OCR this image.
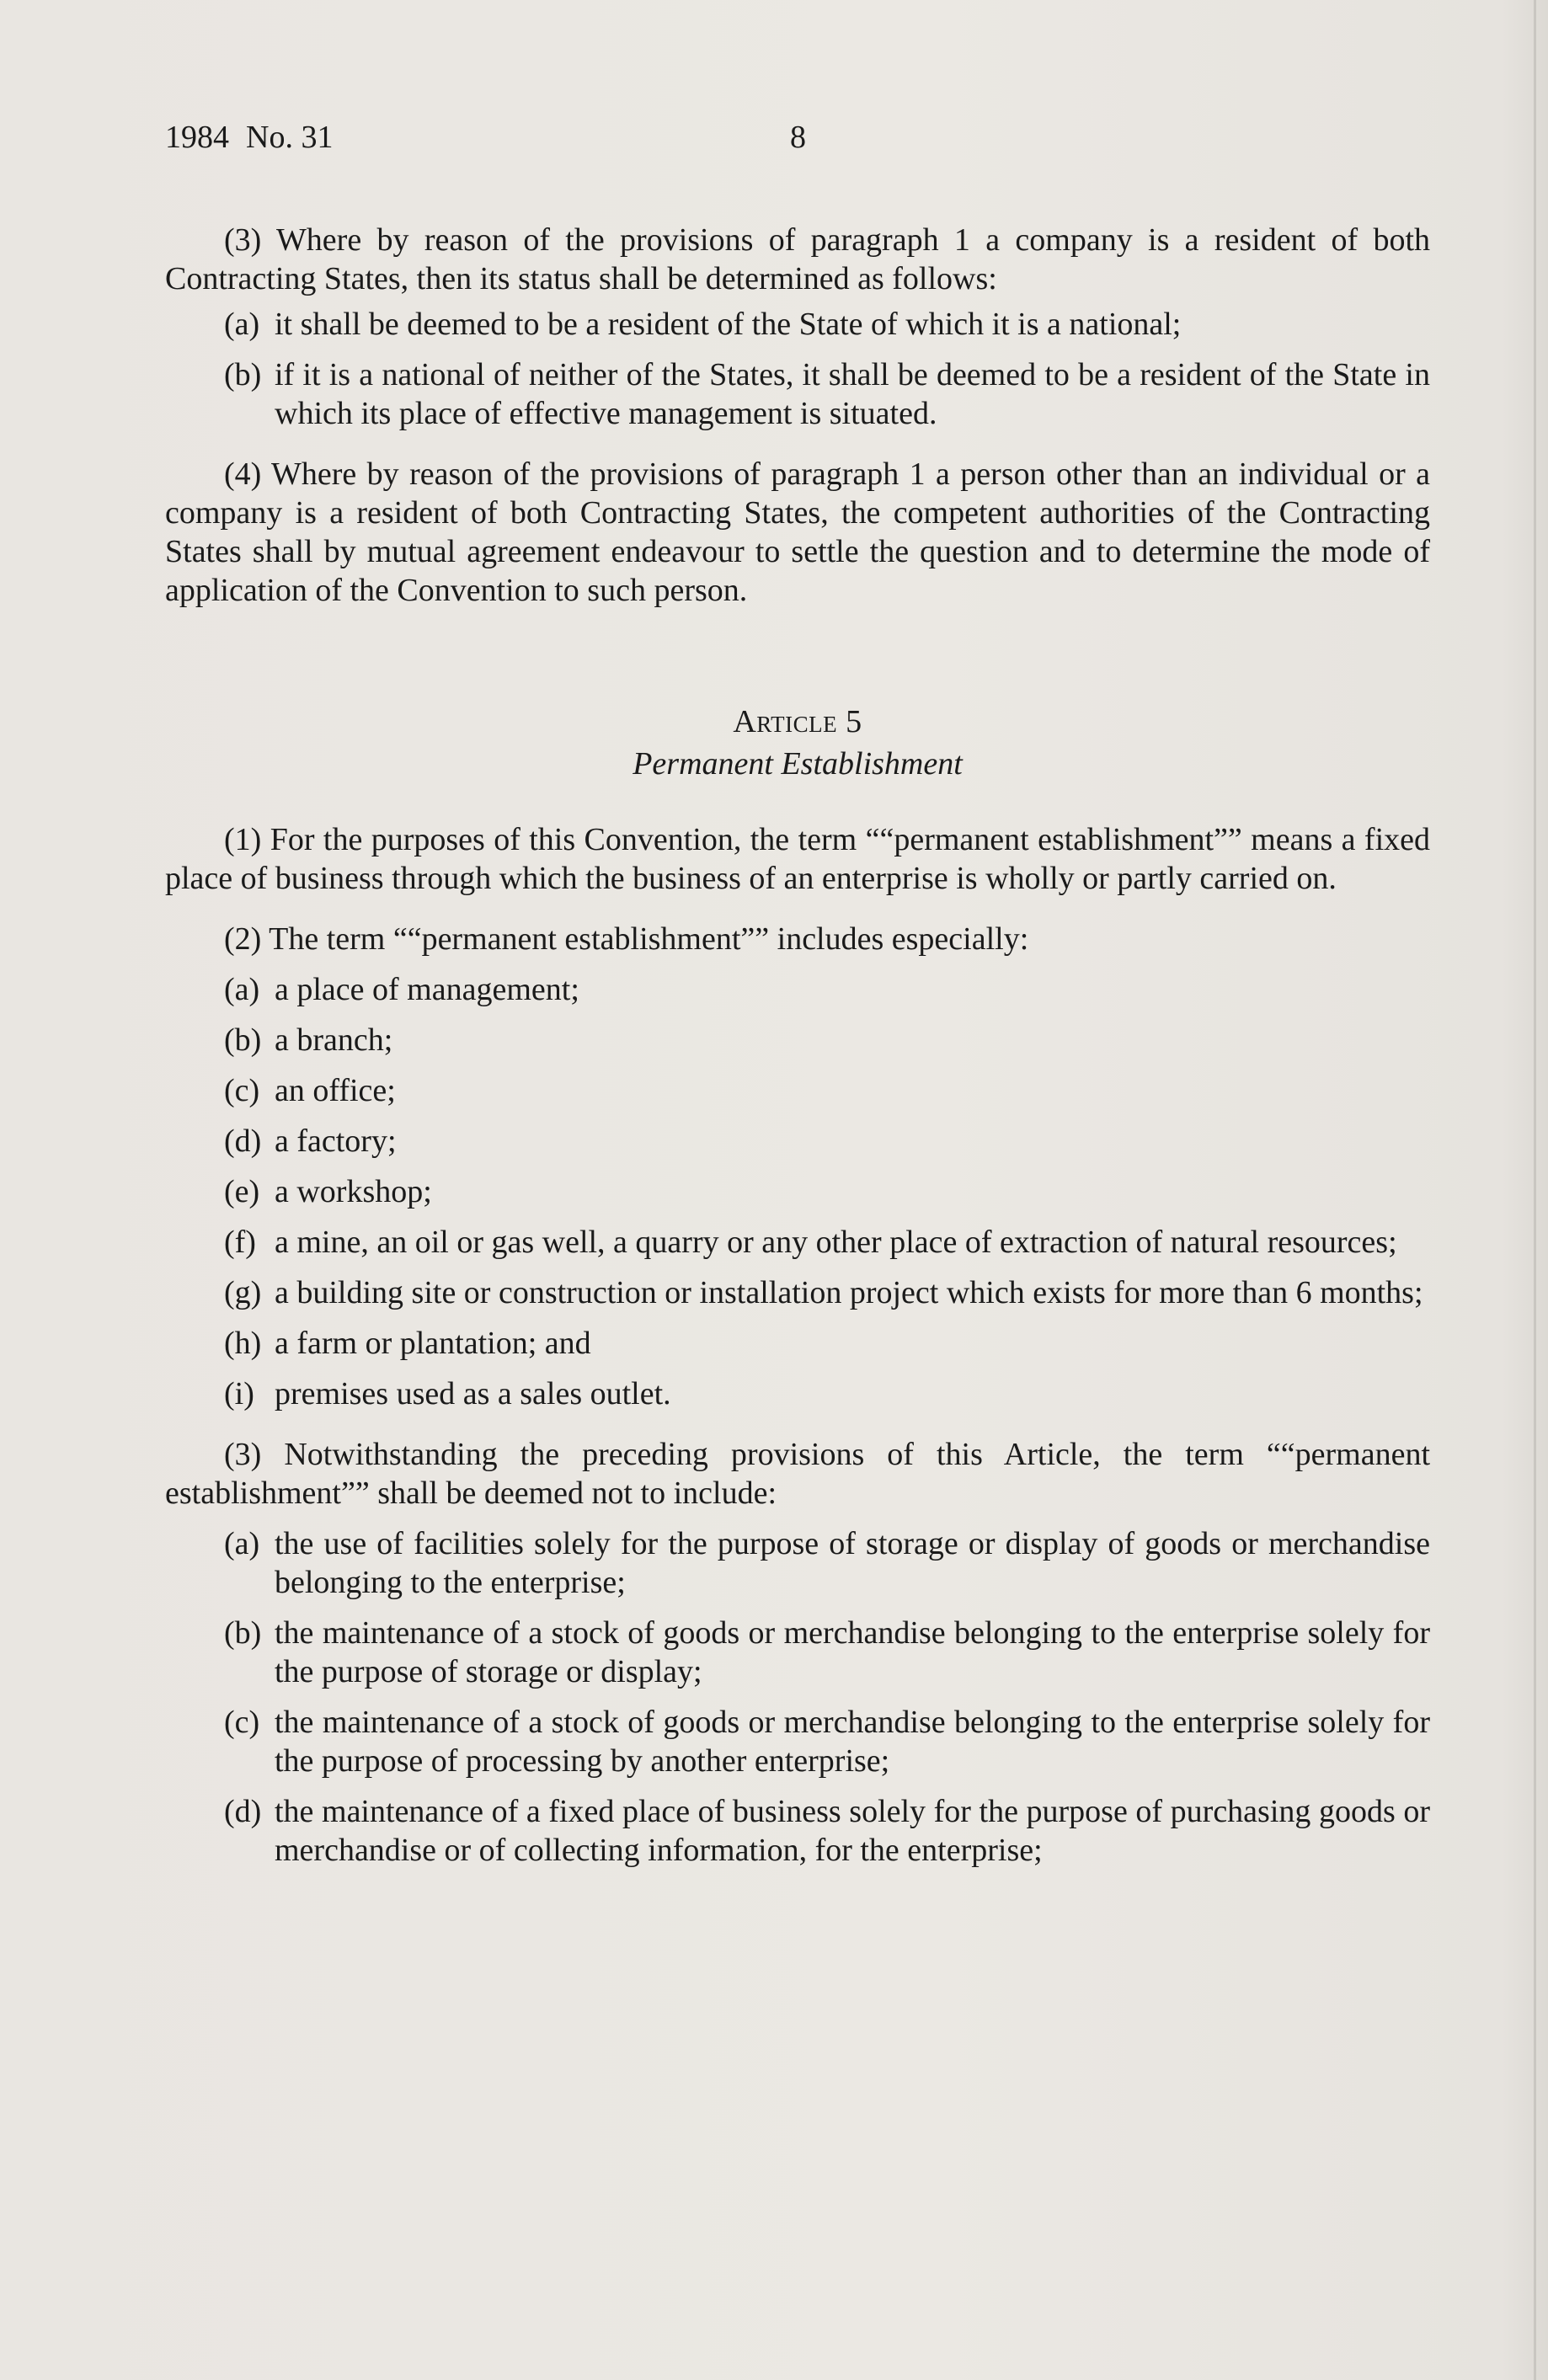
1984 No. 31	8

(3) Where by reason of the provisions of paragraph 1 a company is a resident of both Contracting States, then its status shall be determined as follows:

(a) it shall be deemed to be a resident of the State of which it is a national;
(b) if it is a national of neither of the States, it shall be deemed to be a resident of the State in which its place of effective management is situated.

(4) Where by reason of the provisions of paragraph 1 a person other than an individual or a company is a resident of both Contracting States, the competent authorities of the Contracting States shall by mutual agreement endeavour to settle the question and to determine the mode of application of the Convention to such person.

Article 5
Permanent Establishment

(1) For the purposes of this Convention, the term ““permanent establishment”” means a fixed place of business through which the business of an enterprise is wholly or partly carried on.

(2) The term ““permanent establishment”” includes especially:

(a) a place of management;
(b) a branch;
(c) an office;
(d) a factory;
(e) a workshop;
(f) a mine, an oil or gas well, a quarry or any other place of extraction of natural resources;
(g) a building site or construction or installation project which exists for more than 6 months;
(h) a farm or plantation; and
(i) premises used as a sales outlet.

(3) Notwithstanding the preceding provisions of this Article, the term ““permanent establishment”” shall be deemed not to include:

(a) the use of facilities solely for the purpose of storage or display of goods or merchandise belonging to the enterprise;
(b) the maintenance of a stock of goods or merchandise belonging to the enterprise solely for the purpose of storage or display;
(c) the maintenance of a stock of goods or merchandise belonging to the enterprise solely for the purpose of processing by another enterprise;
(d) the maintenance of a fixed place of business solely for the purpose of purchasing goods or merchandise or of collecting information, for the enterprise;
